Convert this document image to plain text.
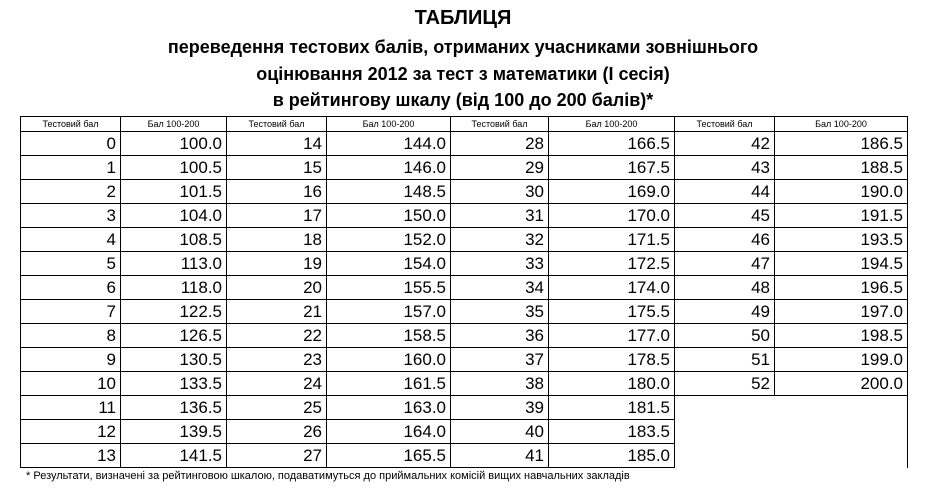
ТАБЛИЦЯ
переведення тестових балів, отриманих учасниками зовнішнього
оцінювання 2012 за тест з математики (І сесія)
в рейтингову шкалу (від 100 до 200 балів)*
Тестовий бал	Бал 100-200	Тестовий бал	Бал 100-200	Тестовий бал	Бал 100-200	Тестовий бал	Бал 100-200
0	100.0	14	144.0	28	166.5	42	186.5
1	100.5	15	146.0	29	167.5	43	188.5
2	101.5	16	148.5	30	169.0	44	190.0
3	104.0	17	150.0	31	170.0	45	191.5
4	108.5	18	152.0	32	171.5	46	193.5
5	113.0	19	154.0	33	172.5	47	194.5
6	118.0	20	155.5	34	174.0	48	196.5
7	122.5	21	157.0	35	175.5	49	197.0
8	126.5	22	158.5	36	177.0	50	198.5
9	130.5	23	160.0	37	178.5	51	199.0
10	133.5	24	161.5	38	180.0	52	200.0
11	136.5	25	163.0	39	181.5		
12	139.5	26	164.0	40	183.5		
13	141.5	27	165.5	41	185.0		
* Результати, визначені за рейтинговою шкалою, подаватимуться до приймальних комісій вищих навчальних закладів
